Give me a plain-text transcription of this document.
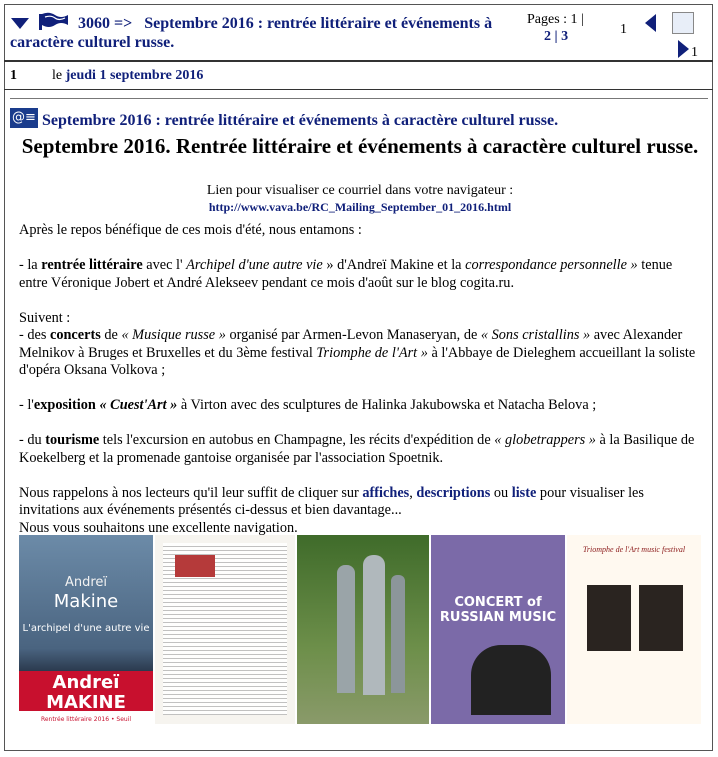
3060 => Septembre 2016 : rentrée littéraire et événements à
caractère culturel russe.
Pages : 1 |
2 | 3	1
1
1	le jeudi 1 septembre 2016
@≡ Septembre 2016 : rentrée littéraire et événements à caractère culturel russe.
Septembre 2016. Rentrée littéraire et événements à caractère culturel russe.
Lien pour visualiser ce courriel dans votre navigateur :
http://www.vava.be/RC_Mailing_September_01_2016.html

Après le repos bénéfique de ces mois d'été, nous entamons :

- la rentrée littéraire avec l' Archipel d'une autre vie » d'Andreï Makine et la correspondance personnelle » tenue entre Véronique Jobert et André Alekseev pendant ce mois d'août sur le blog cogita.ru.

Suivent :

- des concerts de « Musique russe » organisé par Armen-Levon Manaseryan, de « Sons cristallins » avec Alexander Melnikov à Bruges et Bruxelles et du 3ème festival Triomphe de l'Art » à l'Abbaye de Dieleghem accueillant la soliste d'opéra Oksana Volkova ;

- l'exposition « Cuest'Art » à Virton avec des sculptures de Halinka Jakubowska et Natacha Belova ;

- du tourisme tels l'excursion en autobus en Champagne, les récits d'expédition de « globetrappers » à la Basilique de Koekelberg et la promenade gantoise organisée par l'association Spoetnik.

Nous rappelons à nos lecteurs qu'il leur suffit de cliquer sur affiches, descriptions ou liste pour visualiser les invitations aux événements présentés ci-dessus et bien davantage...

Nous vous souhaitons une excellente navigation.

Andreï
Makine
L'archipel d'une autre vie
Andreï MAKINE
Rentrée littéraire 2016 • Seuil
CONCERT of RUSSIAN MUSIC
Triomphe de l'Art music festival
